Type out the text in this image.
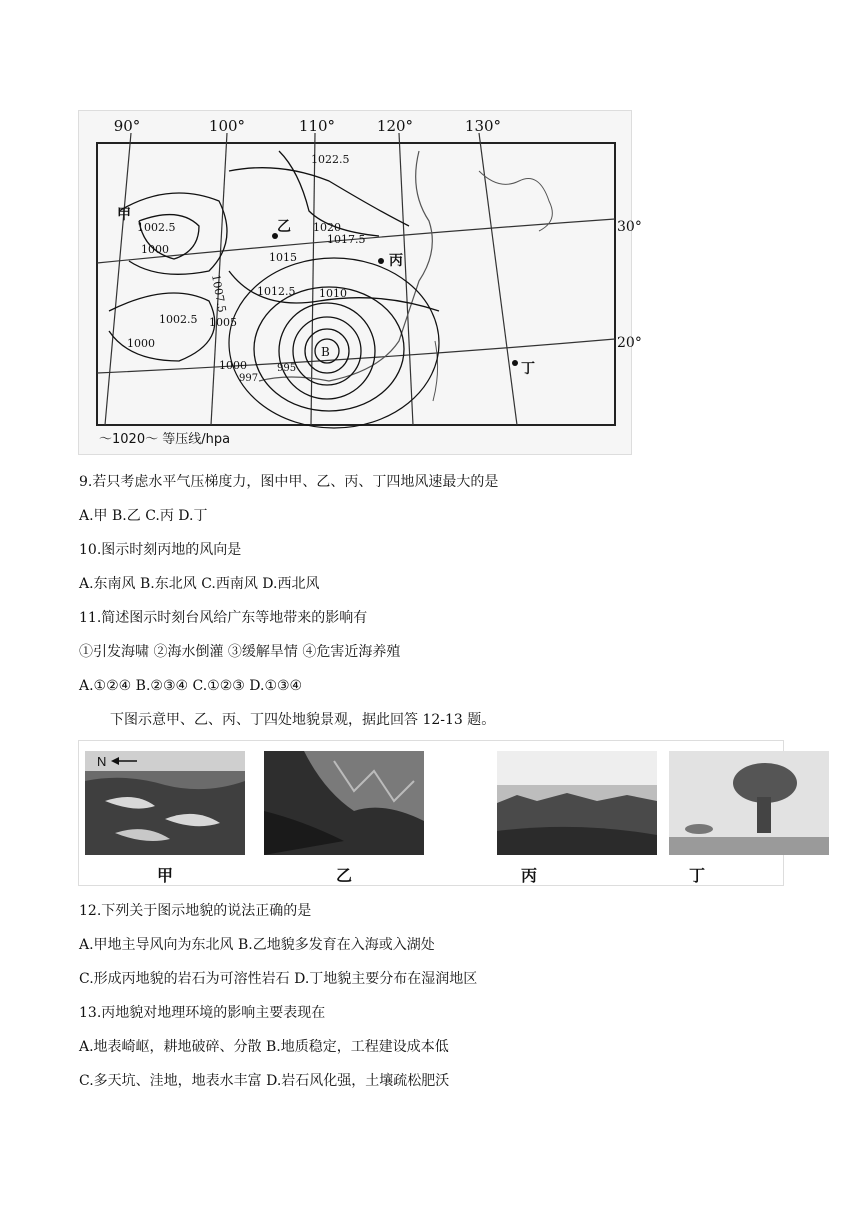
90°	100°	110°	120°	130°
30°
20°
1022.5
1002.5
1000
1020
1017.5
1015
1012.5 1010
1007.5
1005
1002.5
1000
1000
997
995
甲
乙
丙
丁
B
～1020～ 等压线/hpa
9.若只考虑水平气压梯度力，图中甲、乙、丙、丁四地风速最大的是
A.甲 B.乙 C.丙 D.丁
10.图示时刻丙地的风向是
A.东南风 B.东北风 C.西南风 D.西北风
11.简述图示时刻台风给广东等地带来的影响有
①引发海啸 ②海水倒灌 ③缓解旱情 ④危害近海养殖
A.①②④ B.②③④ C.①②③ D.①③④
下图示意甲、乙、丙、丁四处地貌景观，据此回答 12-13 题。
N
甲	乙	丙	丁
12.下列关于图示地貌的说法正确的是
A.甲地主导风向为东北风 B.乙地貌多发育在入海或入湖处
C.形成丙地貌的岩石为可溶性岩石 D.丁地貌主要分布在湿润地区
13.丙地貌对地理环境的影响主要表现在
A.地表崎岖，耕地破碎、分散 B.地质稳定，工程建设成本低
C.多天坑、洼地，地表水丰富 D.岩石风化强，土壤疏松肥沃
